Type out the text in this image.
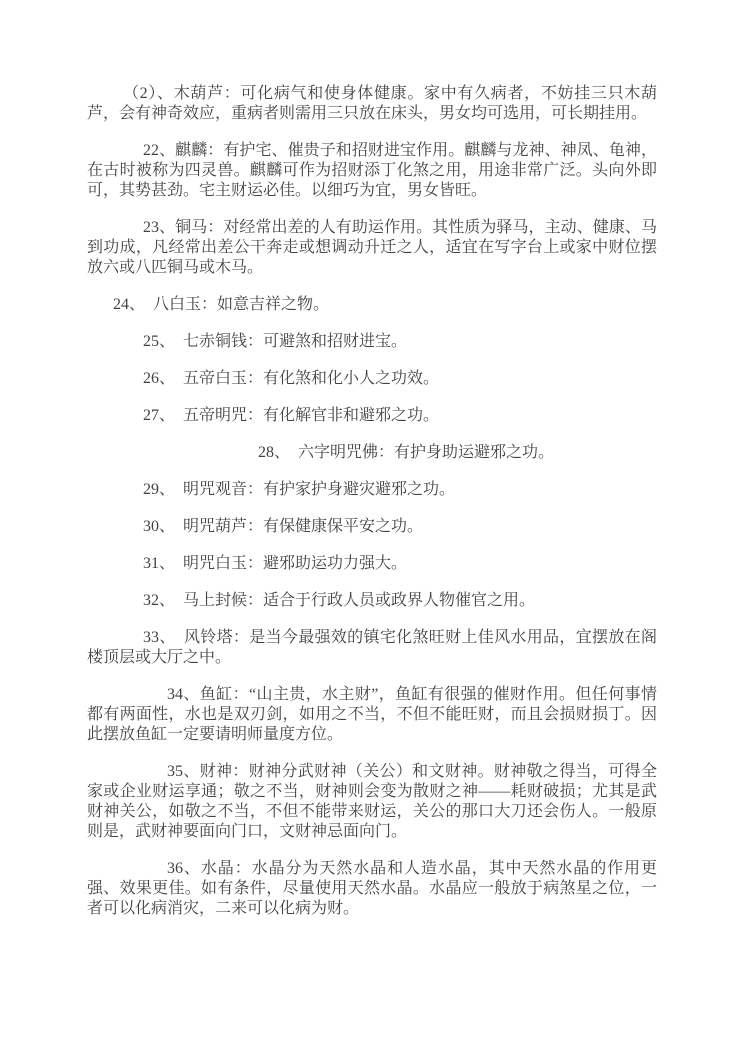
（2）、木葫芦：可化病气和使身体健康。家中有久病者，不妨挂三只木葫芦，会有神奇效应，重病者则需用三只放在床头，男女均可选用，可长期挂用。

22、麒麟：有护宅、催贵子和招财进宝作用。麒麟与龙神、神凤、龟神，在古时被称为四灵兽。麒麟可作为招财添丁化煞之用，用途非常广泛。头向外即可，其势甚劲。宅主财运必佳。以细巧为宜，男女皆旺。

23、铜马：对经常出差的人有助运作用。其性质为驿马，主动、健康、马到功成，凡经常出差公干奔走或想调动升迁之人，适宜在写字台上或家中财位摆放六或八匹铜马或木马。

24、　八白玉：如意吉祥之物。

25、　七赤铜钱：可避煞和招财进宝。

26、　五帝白玉：有化煞和化小人之功效。

27、　五帝明咒：有化解官非和避邪之功。

28、　六字明咒佛：有护身助运避邪之功。

29、　明咒观音：有护家护身避灾避邪之功。

30、　明咒葫芦：有保健康保平安之功。

31、　明咒白玉：避邪助运功力强大。

32、　马上封候：适合于行政人员或政界人物催官之用。

33、　风铃塔：是当今最强效的镇宅化煞旺财上佳风水用品，宜摆放在阁楼顶层或大厅之中。

34、鱼缸：“山主贵，水主财”，鱼缸有很强的催财作用。但任何事情都有两面性，水也是双刃剑，如用之不当，不但不能旺财，而且会损财损丁。因此摆放鱼缸一定要请明师量度方位。

35、财神：财神分武财神（关公）和文财神。财神敬之得当，可得全家或企业财运享通；敬之不当，财神则会变为散财之神——耗财破损；尤其是武财神关公，如敬之不当，不但不能带来财运，关公的那口大刀还会伤人。一般原则是，武财神要面向门口，文财神忌面向门。

36、水晶：水晶分为天然水晶和人造水晶，其中天然水晶的作用更强、效果更佳。如有条件，尽量使用天然水晶。水晶应一般放于病煞星之位，一者可以化病消灾，二来可以化病为财。
